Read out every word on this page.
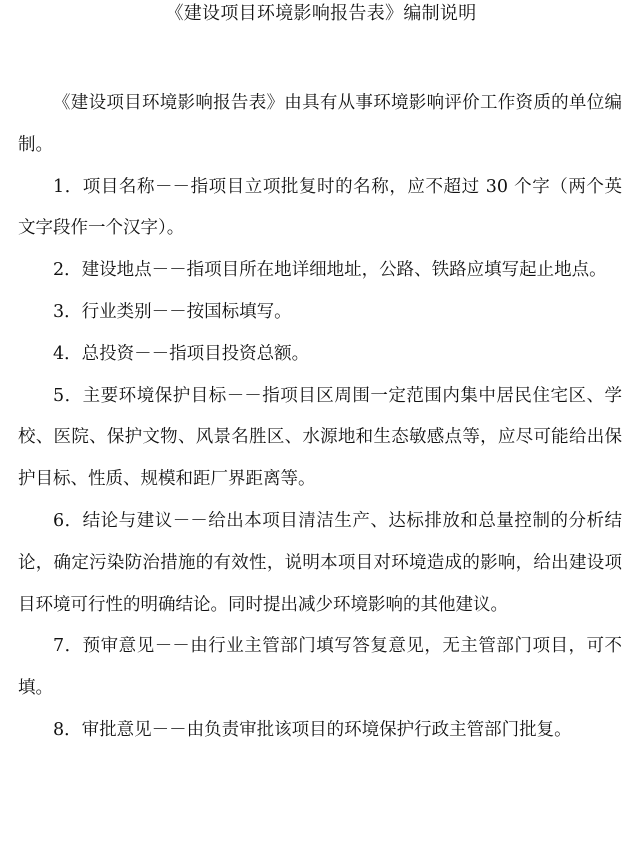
《建设项目环境影响报告表》编制说明

《建设项目环境影响报告表》由具有从事环境影响评价工作资质的单位编制。

1．项目名称－－指项目立项批复时的名称，应不超过 30 个字（两个英文字段作一个汉字）。

2．建设地点－－指项目所在地详细地址，公路、铁路应填写起止地点。

3．行业类别－－按国标填写。

4．总投资－－指项目投资总额。

5．主要环境保护目标－－指项目区周围一定范围内集中居民住宅区、学校、医院、保护文物、风景名胜区、水源地和生态敏感点等，应尽可能给出保护目标、性质、规模和距厂界距离等。

6．结论与建议－－给出本项目清洁生产、达标排放和总量控制的分析结论，确定污染防治措施的有效性，说明本项目对环境造成的影响，给出建设项目环境可行性的明确结论。同时提出减少环境影响的其他建议。

7．预审意见－－由行业主管部门填写答复意见，无主管部门项目，可不填。

8．审批意见－－由负责审批该项目的环境保护行政主管部门批复。
